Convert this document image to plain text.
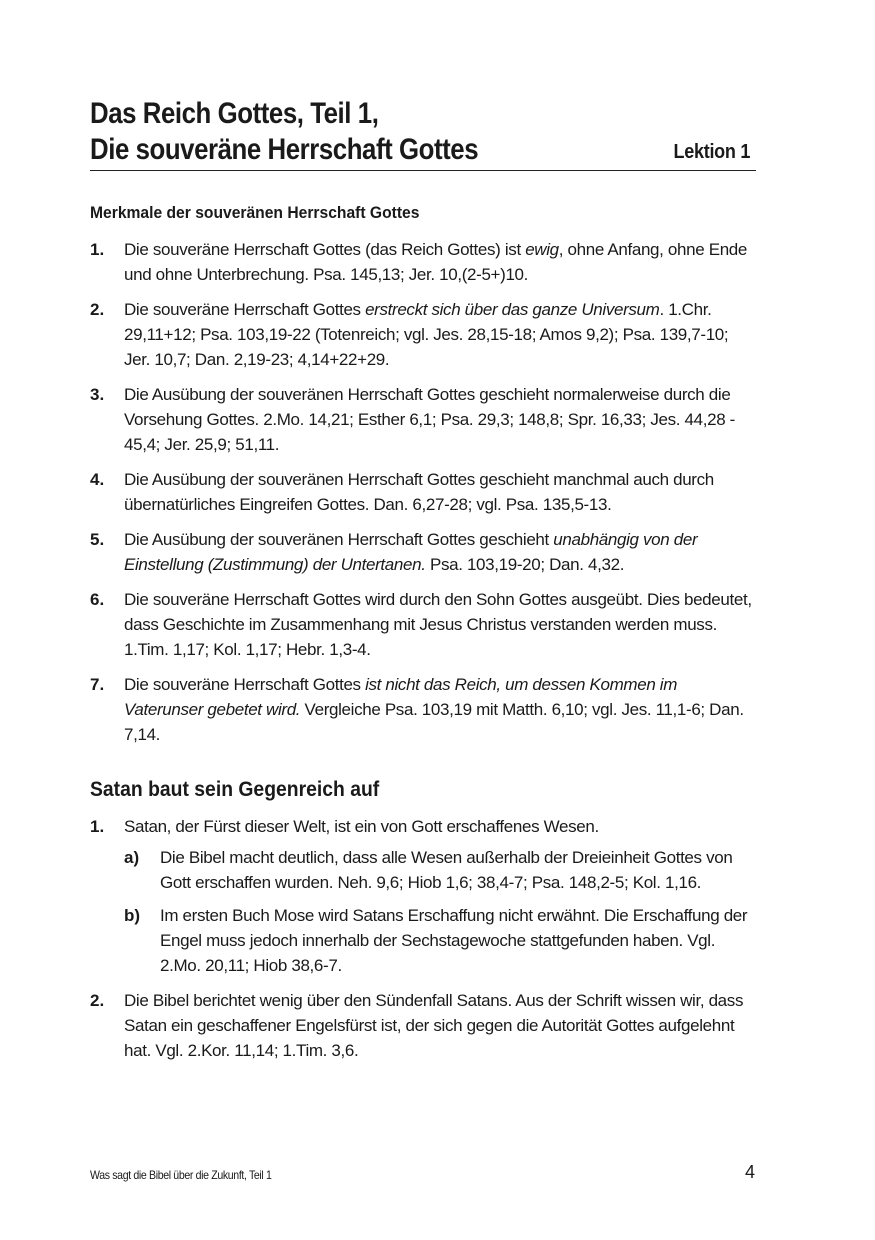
Das Reich Gottes, Teil 1,
Die souveräne Herrschaft Gottes	Lektion 1
Merkmale der souveränen Herrschaft Gottes
1. Die souveräne Herrschaft Gottes (das Reich Gottes) ist ewig, ohne Anfang, ohne Ende und ohne Unterbrechung. Psa. 145,13; Jer. 10,(2-5+)10.
2. Die souveräne Herrschaft Gottes erstreckt sich über das ganze Universum. 1.Chr. 29,11+12; Psa. 103,19-22 (Totenreich; vgl. Jes. 28,15-18; Amos 9,2); Psa. 139,7-10; Jer. 10,7; Dan. 2,19-23; 4,14+22+29.
3. Die Ausübung der souveränen Herrschaft Gottes geschieht normalerweise durch die Vorsehung Gottes. 2.Mo. 14,21; Esther 6,1; Psa. 29,3; 148,8; Spr. 16,33; Jes. 44,28 - 45,4; Jer. 25,9; 51,11.
4. Die Ausübung der souveränen Herrschaft Gottes geschieht manchmal auch durch übernatürliches Eingreifen Gottes. Dan. 6,27-28; vgl. Psa. 135,5-13.
5. Die Ausübung der souveränen Herrschaft Gottes geschieht unabhängig von der Einstellung (Zustimmung) der Untertanen. Psa. 103,19-20; Dan. 4,32.
6. Die souveräne Herrschaft Gottes wird durch den Sohn Gottes ausgeübt. Dies bedeutet, dass Geschichte im Zusammenhang mit Jesus Christus verstanden werden muss. 1.Tim. 1,17; Kol. 1,17; Hebr. 1,3-4.
7. Die souveräne Herrschaft Gottes ist nicht das Reich, um dessen Kommen im Vaterunser gebetet wird. Vergleiche Psa. 103,19 mit Matth. 6,10; vgl. Jes. 11,1-6; Dan. 7,14.
Satan baut sein Gegenreich auf
1. Satan, der Fürst dieser Welt, ist ein von Gott erschaffenes Wesen.
a) Die Bibel macht deutlich, dass alle Wesen außerhalb der Dreieinheit Gottes von Gott erschaffen wurden. Neh. 9,6; Hiob 1,6; 38,4-7; Psa. 148,2-5; Kol. 1,16.
b) Im ersten Buch Mose wird Satans Erschaffung nicht erwähnt. Die Erschaffung der Engel muss jedoch innerhalb der Sechstagewoche stattgefunden haben. Vgl. 2.Mo. 20,11; Hiob 38,6-7.
2. Die Bibel berichtet wenig über den Sündenfall Satans. Aus der Schrift wissen wir, dass Satan ein geschaffener Engelsfürst ist, der sich gegen die Autorität Gottes aufgelehnt hat. Vgl. 2.Kor. 11,14; 1.Tim. 3,6.
Was sagt die Bibel über die Zukunft, Teil 1	4
